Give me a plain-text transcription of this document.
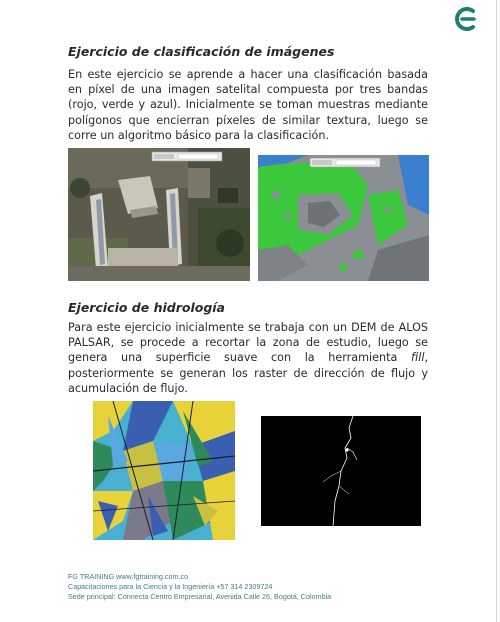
Ejercicio de clasificación de imágenes
En este ejercicio se aprende a hacer una clasificación basada en píxel de una imagen satelital compuesta por tres bandas (rojo, verde y azul). Inicialmente se toman muestras mediante polígonos que encierran píxeles de similar textura, luego se corre un algoritmo básico para la clasificación.
Ejercicio de hidrología
Para este ejercicio inicialmente se trabaja con un DEM de ALOS PALSAR, se procede a recortar la zona de estudio, luego se genera una superficie suave con la herramienta fill, posteriormente se generan los raster de dirección de flujo y acumulación de flujo.
FG TRAINING www.fgtraining.com.co
Capacitaciones para la Ciencia y la Ingeniería +57 314 2309724
Sede principal: Connecta Centro Empresarial, Avenida Calle 26, Bogotá, Colombia
